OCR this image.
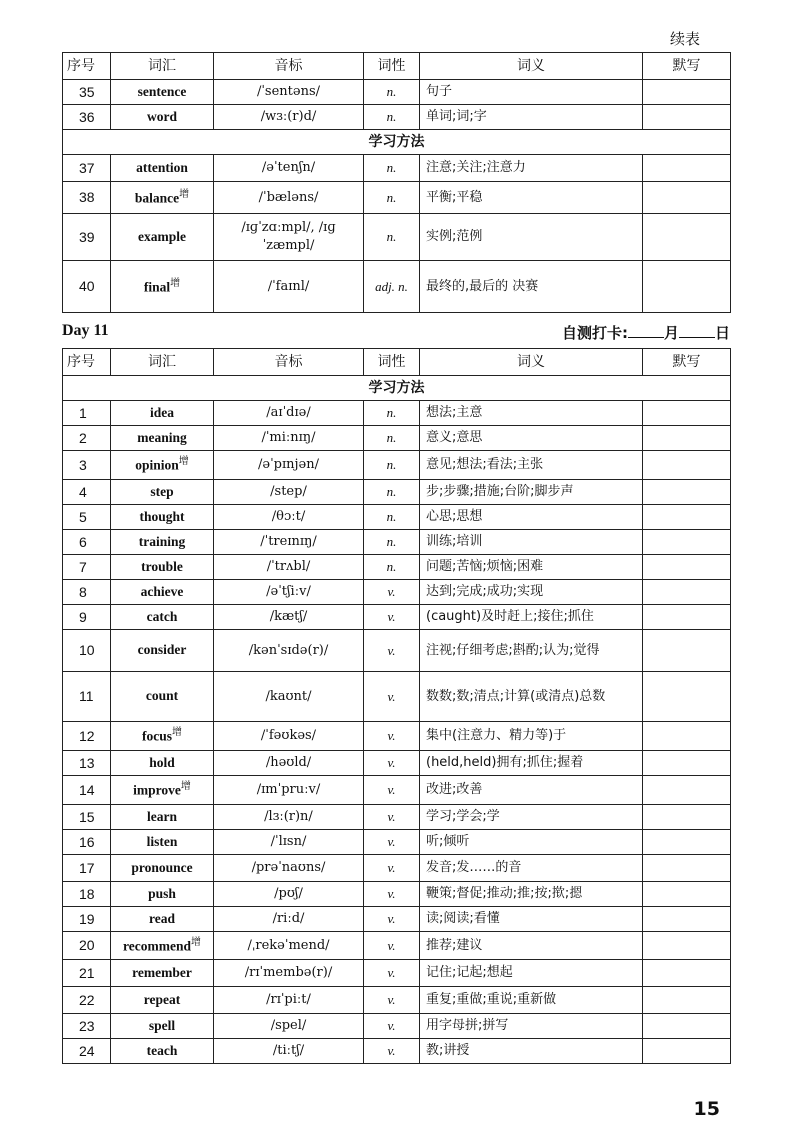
续表
序号	词汇	音标	词性	词义	默写
35	sentence	/ˈsentəns/	n.	句子	
36	word	/wɜː(r)d/	n.	单词;词;字	
学习方法					
37	attention	/əˈtenʃn/	n.	注意;关注;注意力	
38	balance$^增$	/ˈbæləns/	n.	平衡;平稳	
39	example	/ɪɡˈzɑːmpl/, /ɪɡˈzæmpl/	n.	实例;范例	
40	final$^增$	/ˈfaɪnl/	adj. n.	最终的,最后的 决赛	
Day 11	自测打卡: 月 日
序号	词汇	音标	词性	词义	默写
学习方法					
1	idea	/aɪˈdɪə/	n.	想法;主意	
2	meaning	/ˈmiːnɪŋ/	n.	意义;意思	
3	opinion$^增$	/əˈpɪnjən/	n.	意见;想法;看法;主张	
4	step	/step/	n.	步;步骤;措施;台阶;脚步声	
5	thought	/θɔːt/	n.	心思;思想	
6	training	/ˈtreɪnɪŋ/	n.	训练;培训	
7	trouble	/ˈtrʌbl/	n.	问题;苦恼;烦恼;困难	
8	achieve	/əˈtʃiːv/	v.	达到;完成;成功;实现	
9	catch	/kætʃ/	v.	(caught)及时赶上;接住;抓住	
10	consider	/kənˈsɪdə(r)/	v.	注视;仔细考虑;斟酌;认为;觉得	
11	count	/kaʊnt/	v.	数数;数;清点;计算(或清点)总数	
12	focus$^增$	/ˈfəʊkəs/	v.	集中(注意力、精力等)于	
13	hold	/həʊld/	v.	(held,held)拥有;抓住;握着	
14	improve$^增$	/ɪmˈpruːv/	v.	改进;改善	
15	learn	/lɜː(r)n/	v.	学习;学会;学	
16	listen	/ˈlɪsn/	v.	听;倾听	
17	pronounce	/prəˈnaʊns/	v.	发音;发……的音	
18	push	/pʊʃ/	v.	鞭策;督促;推动;推;按;揿;摁	
19	read	/riːd/	v.	读;阅读;看懂	
20	recommend$^增$	/ˌrekəˈmend/	v.	推荐;建议	
21	remember	/rɪˈmembə(r)/	v.	记住;记起;想起	
22	repeat	/rɪˈpiːt/	v.	重复;重做;重说;重新做	
23	spell	/spel/	v.	用字母拼;拼写	
24	teach	/tiːtʃ/	v.	教;讲授	
15
